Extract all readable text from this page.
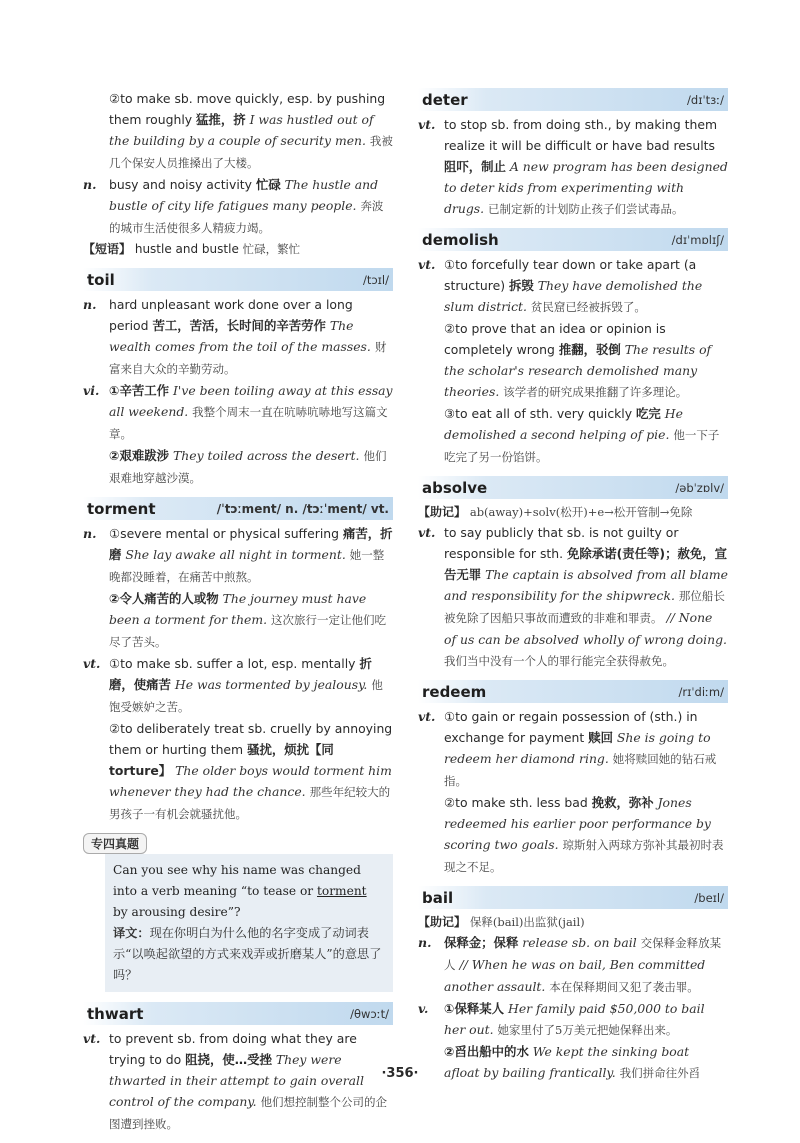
②to make sb. move quickly, esp. by pushing them roughly 猛推，挤 I was hustled out of the building by a couple of security men. 我被几个保安人员推搡出了大楼。
n.	busy and noisy activity 忙碌 The hustle and bustle of city life fatigues many people. 奔波的城市生活使很多人精疲力竭。
【短语】 hustle and bustle 忙碌，繁忙
toil	/tɔɪl/
n.	hard unpleasant work done over a long period 苦工，苦活，长时间的辛苦劳作 The wealth comes from the toil of the masses. 财富来自大众的辛勤劳动。
vi. ①辛苦工作 I've been toiling away at this essay all weekend. 我整个周末一直在吭哧吭哧地写这篇文章。
②艰难跋涉 They toiled across the desert. 他们艰难地穿越沙漠。
torment	/ˈtɔːment/ n. /tɔːˈment/ vt.
n.	①severe mental or physical suffering 痛苦，折磨 She lay awake all night in torment. 她一整晚都没睡着，在痛苦中煎熬。
②令人痛苦的人或物 The journey must have been a torment for them. 这次旅行一定让他们吃尽了苦头。
vt. ①to make sb. suffer a lot, esp. mentally 折磨，使痛苦 He was tormented by jealousy. 他饱受嫉妒之苦。
②to deliberately treat sb. cruelly by annoying them or hurting them 骚扰，烦扰【同 torture】 The older boys would torment him whenever they had the chance. 那些年纪较大的男孩子一有机会就骚扰他。
专四真题
Can you see why his name was changed into a verb meaning “to tease or torment by arousing desire”?
译文：现在你明白为什么他的名字变成了动词表示“以唤起欲望的方式来戏弄或折磨某人”的意思了吗？
thwart	/θwɔːt/
vt. to prevent sb. from doing what they are trying to do 阻挠，使…受挫 They were thwarted in their attempt to gain overall control of the company. 他们想控制整个公司的企图遭到挫败。
deter	/dɪˈtɜː/
vt. to stop sb. from doing sth., by making them realize it will be difficult or have bad results 阻吓，制止 A new program has been designed to deter kids from experimenting with drugs. 已制定新的计划防止孩子们尝试毒品。
demolish	/dɪˈmɒlɪʃ/
vt. ①to forcefully tear down or take apart (a structure) 拆毁 They have demolished the slum district. 贫民窟已经被拆毁了。
②to prove that an idea or opinion is completely wrong 推翻，驳倒 The results of the scholar's research demolished many theories. 该学者的研究成果推翻了许多理论。
③to eat all of sth. very quickly 吃完 He demolished a second helping of pie. 他一下子吃完了另一份馅饼。
absolve	/əbˈzɒlv/
【助记】 ab(away)+solv(松开)+e→松开管制→免除
vt. to say publicly that sb. is not guilty or responsible for sth. 免除承诺(责任等)；赦免，宣告无罪 The captain is absolved from all blame and responsibility for the shipwreck. 那位船长被免除了因船只事故而遭致的非难和罪责。 // None of us can be absolved wholly of wrong doing. 我们当中没有一个人的罪行能完全获得赦免。
redeem	/rɪˈdiːm/
vt. ①to gain or regain possession of (sth.) in exchange for payment 赎回 She is going to redeem her diamond ring. 她将赎回她的钻石戒指。
②to make sth. less bad 挽救，弥补 Jones redeemed his earlier poor performance by scoring two goals. 琼斯射入两球方弥补其最初时表现之不足。
bail	/beɪl/
【助记】 保释(bail)出监狱(jail)
n.	保释金；保释 release sb. on bail 交保释金释放某人 // When he was on bail, Ben committed another assault. 本在保释期间又犯了袭击罪。
v.	①保释某人 Her family paid $50,000 to bail her out. 她家里付了5万美元把她保释出来。
②舀出船中的水 We kept the sinking boat afloat by bailing frantically. 我们拼命往外舀
·356·
